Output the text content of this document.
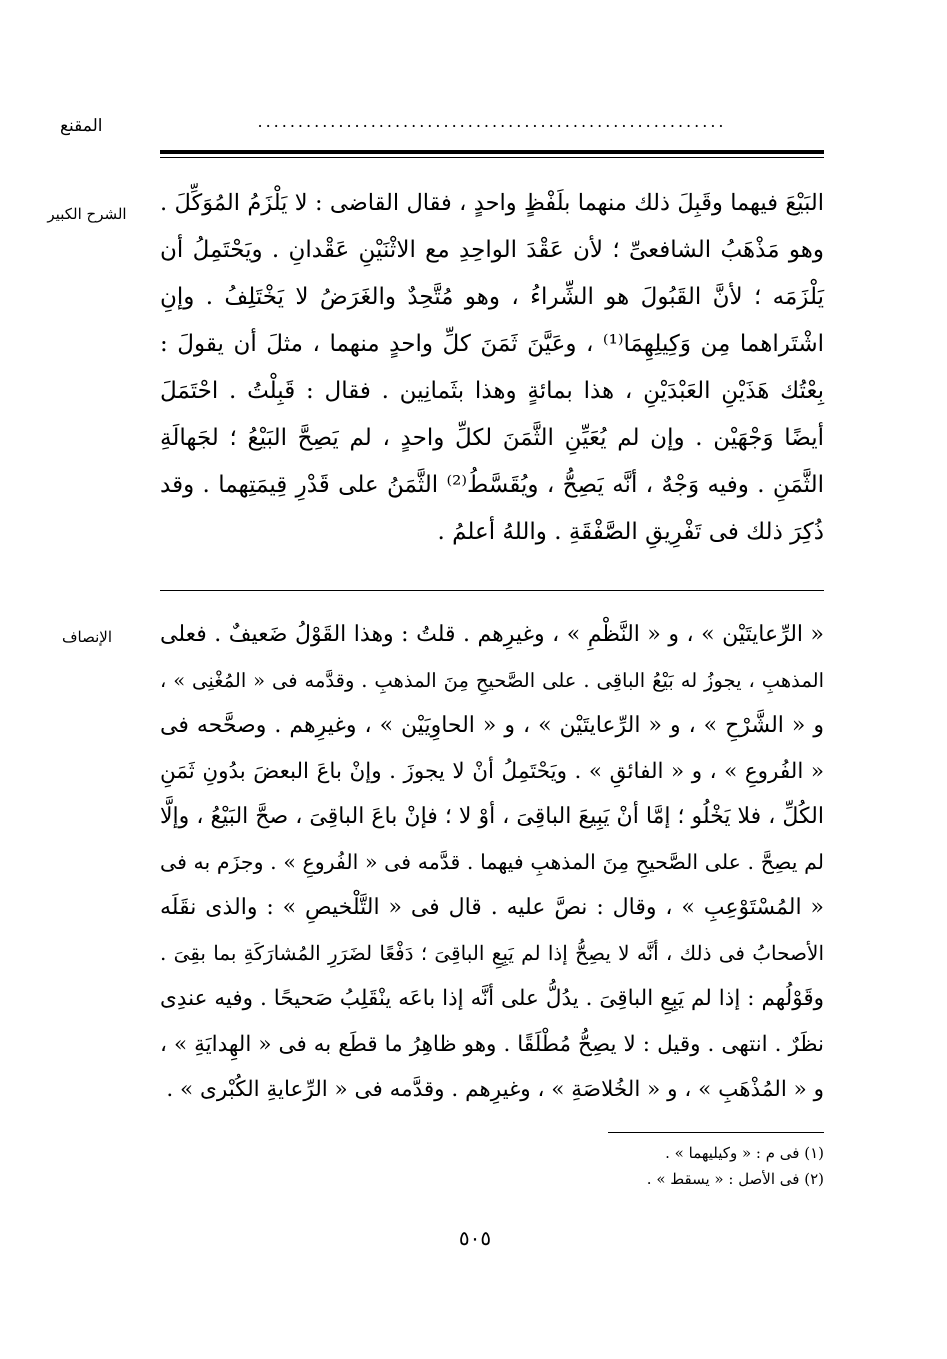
المقنع	..........................................................
الشرح الكبير	البَيْعَ فيهما وقَبِلَ ذلك منهما بلَفْظٍ واحدٍ ، فقال القاضى : لا يَلْزَمُ المُوَكِّلَ .
وهو مَذْهَبُ الشافعىِّ ؛ لأن عَقْدَ الواحِدِ مع الاثْنَيْنِ عَقْدانِ . ويَحْتَمِلُ أن
يَلْزَمَه ؛ لأنَّ القَبُولَ هو الشِّراءُ ، وهو مُتَّحِدٌ والغَرَضُ لا يَخْتَلِفُ . وإنِ
اشْتَراهما مِن وَكِيلِهِمَا⁽¹⁾ ، وعَيَّنَ ثَمَنَ كلِّ واحدٍ منهما ، مثلَ أن يقولَ :
بِعْتُك هَذَيْنِ العَبْدَيْنِ ، هذا بمائةٍ وهذا بثَمانِين . فقال : قَبِلْتُ . احْتَمَلَ
أيضًا وَجْهَيْن . وإن لم يُعَيِّنِ الثَّمَنَ لكلِّ واحدٍ ، لم يَصِحَّ البَيْعُ ؛ لجَهالَةِ
الثَّمَنِ . وفيه وَجْهٌ ، أنَّه يَصِحُّ ، ويُقَسَّطُ⁽²⁾ الثَّمَنُ على قَدْرِ قِيمَتِهما . وقد
ذُكِرَ ذلك فى تَفْرِيقِ الصَّفْقَةِ . واللهُ أعلمُ .
الإنصاف	« الرِّعايتَيْن » ، و « النَّظْمِ » ، وغيرِهم . قلتُ : وهذا القَوْلُ ضَعيفٌ . فعلى
المذهبِ ، يجوزُ له بَيْعُ الباقِى . على الصَّحيحِ مِنَ المذهبِ . وقدَّمه فى « المُغْنِى » ،
و « الشَّرْحِ » ، و « الرِّعايتَيْن » ، و « الحاوِيَيْن » ، وغيرِهم . وصحَّحه فى
« الفُروعِ » ، و « الفائقِ » . ويَحْتَمِلُ أنْ لا يجوزَ . وإنْ باعَ البعضَ بدُونِ ثَمَنِ
الكُلِّ ، فلا يَخْلُو ؛ إمَّا أنْ يَبِيعَ الباقِىَ ، أوْ لا ؛ فإنْ باعَ الباقِىَ ، صحَّ البَيْعُ ، وإلَّا
لم يصِحَّ . على الصَّحيحِ مِنَ المذهبِ فيهما . قدَّمه فى « الفُروعِ » . وجزَم به فى
« المُسْتَوْعِبِ » ، وقال : نصَّ عليه . قال فى « التَّلْخيصِ » : والذى نقَلَه
الأصحابُ فى ذلك ، أنَّه لا يصِحُّ إذا لم يَبِعِ الباقِىَ ؛ دَفْعًا لضَرَرِ المُشارَكَةِ بما بقِىَ .
وقَوْلُهم : إذا لم يَبِعِ الباقِىَ . يدُلُّ على أنَّه إذا باعَه ينْقَلِبُ صَحيحًا . وفيه عندِى
نظَرٌ . انتهى . وقيل : لا يصِحُّ مُطْلَقًا . وهو ظاهِرُ ما قطَع به فى « الهِدايَةِ » ،
و « المُذْهَبِ » ، و « الخُلاصَةِ » ، وغيرِهم . وقدَّمه فى « الرِّعايةِ الكُبْرى » .
(١) فى م : « وكيليهما » .
(٢) فى الأصل : « يسقط » .
٥٠٥
